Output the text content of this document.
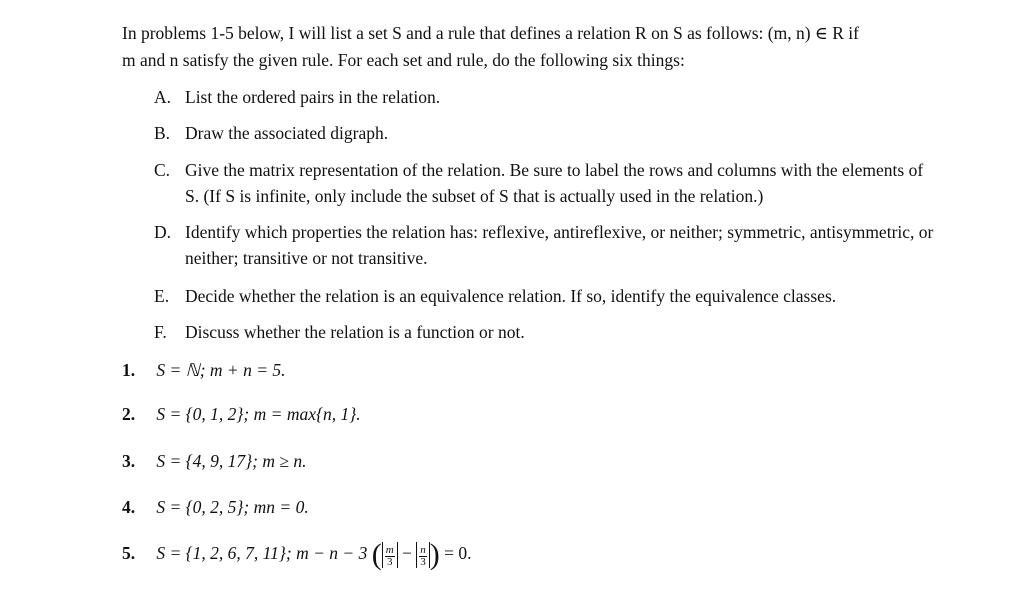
In problems 1-5 below, I will list a set S and a rule that defines a relation R on S as follows: (m, n) ∈ R if
m and n satisfy the given rule. For each set and rule, do the following six things:
A. List the ordered pairs in the relation.
B. Draw the associated digraph.
C. Give the matrix representation of the relation. Be sure to label the rows and columns with the elements of S. (If S is infinite, only include the subset of S that is actually used in the relation.)
D. Identify which properties the relation has: reflexive, antireflexive, or neither; symmetric, antisymmetric, or neither; transitive or not transitive.
E. Decide whether the relation is an equivalence relation. If so, identify the equivalence classes.
F.	Discuss whether the relation is a function or not.
1. S = ℕ; m + n = 5.
2. S = {0, 1, 2}; m = max{n, 1}.
3. S = {4, 9, 17}; m ≥ n.
4. S = {0, 2, 5}; mn = 0.
5. S = {1, 2, 6, 7, 11}; m − n − 3 ( $\frac{m}{3} - \frac{n}{3}$ ) = 0.
